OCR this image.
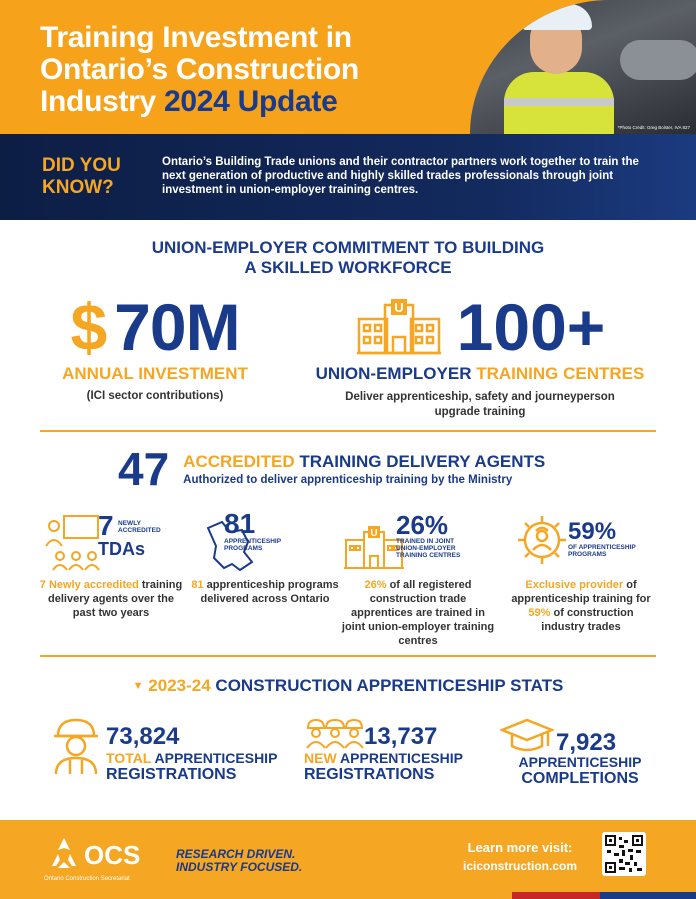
Training Investment in
Ontario’s Construction
Industry 2024 Update
*Photo Credit: Greg Bolster, IVA 827
DID YOU
KNOW?
Ontario’s Building Trade unions and their contractor partners work together to train the next generation of productive and highly skilled trades professionals through joint investment in union-employer training centres.
UNION-EMPLOYER COMMITMENT TO BUILDING
A SKILLED WORKFORCE
$ 70M
ANNUAL INVESTMENT
(ICI sector contributions)
U 100+
UNION-EMPLOYER TRAINING CENTRES
Deliver apprenticeship, safety and journeyperson
upgrade training
47 ACCREDITED TRAINING DELIVERY AGENTS
Authorized to deliver apprenticeship training by the Ministry
7 NEWLY
ACCREDITED
TDAs
7 Newly accredited training delivery agents over the past two years
81
APPRENTICESHIP
PROGRAMS
81 apprenticeship programs delivered across Ontario
U 26%
TRAINED IN JOINT
UNION-EMPLOYER
TRAINING CENTRES
26% of all registered construction trade apprentices are trained in joint union-employer training centres
59%
OF APPRENTICESHIP
PROGRAMS
Exclusive provider of apprenticeship training for 59% of construction industry trades
▼ 2023-24 CONSTRUCTION APPRENTICESHIP STATS
73,824
TOTAL APPRENTICESHIP
REGISTRATIONS
13,737
NEW APPRENTICESHIP
REGISTRATIONS
7,923
APPRENTICESHIP
COMPLETIONS
OCS
Ontario Construction Secretariat
RESEARCH DRIVEN.
INDUSTRY FOCUSED.
Learn more visit:
iciconstruction.com
